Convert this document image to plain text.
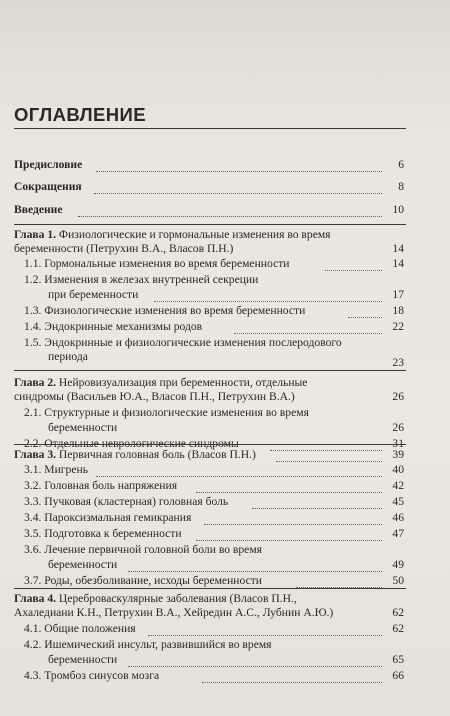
ОГЛАВЛЕНИЕ
Предисловие	6
Сокращения	8
Введение	10
Глава 1. Физиологические и гормональные изменения во время
беременности (Петрухин В.А., Власов П.Н.)	14
1.1. Гормональные изменения во время беременности	14
1.2. Изменения в железах внутренней секреции
при беременности	17
1.3. Физиологические изменения во время беременности	18
1.4. Эндокринные механизмы родов	22
1.5. Эндокринные и физиологические изменения послеродового
периода	23
Глава 2. Нейровизуализация при беременности, отдельные
синдромы (Васильев Ю.А., Власов П.Н., Петрухин В.А.)	26
2.1. Структурные и физиологические изменения во время
беременности	26
2.2. Отдельные неврологические синдромы	31
Глава 3. Первичная головная боль (Власов П.Н.)	39
3.1. Мигрень	40
3.2. Головная боль напряжения	42
3.3. Пучковая (кластерная) головная боль	45
3.4. Пароксизмальная гемикрания	46
3.5. Подготовка к беременности	47
3.6. Лечение первичной головной боли во время
беременности	49
3.7. Роды, обезболивание, исходы беременности	50
Глава 4. Цереброваскулярные заболевания (Власов П.Н.,
Ахаледиани К.Н., Петрухин В.А., Хейредин А.С., Лубнин А.Ю.)	62
4.1. Общие положения	62
4.2. Ишемический инсульт, развившийся во время
беременности	65
4.3. Тромбоз синусов мозга	66
